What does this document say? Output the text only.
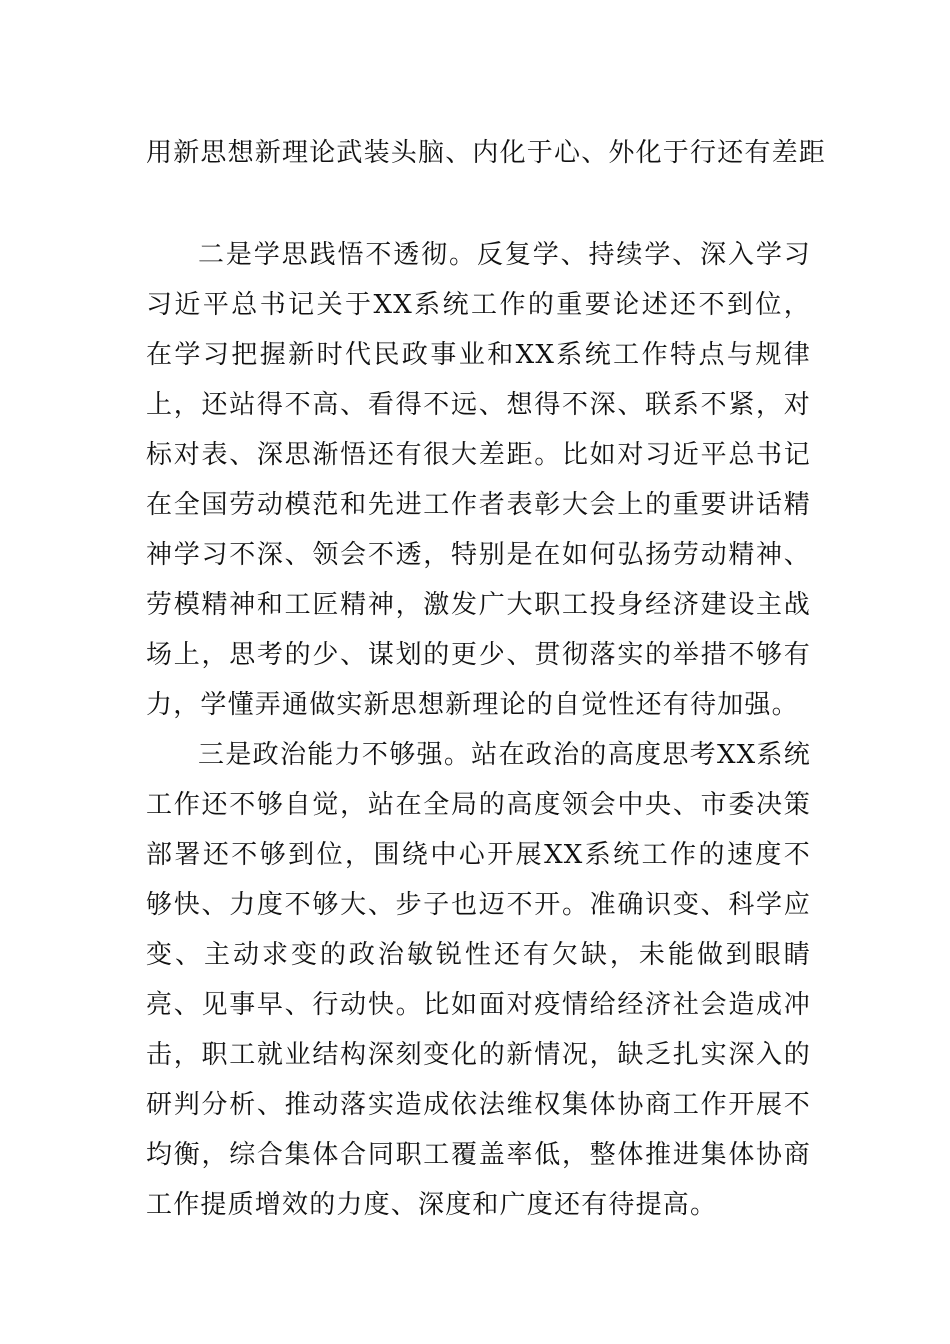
用新思想新理论武装头脑、内化于心、外化于行还有差距

二是学思践悟不透彻。反复学、持续学、深入学习习近平总书记关于XX系统工作的重要论述还不到位，在学习把握新时代民政事业和XX系统工作特点与规律上，还站得不高、看得不远、想得不深、联系不紧，对标对表、深思渐悟还有很大差距。比如对习近平总书记在全国劳动模范和先进工作者表彰大会上的重要讲话精神学习不深、领会不透，特别是在如何弘扬劳动精神、劳模精神和工匠精神，激发广大职工投身经济建设主战场上，思考的少、谋划的更少、贯彻落实的举措不够有力，学懂弄通做实新思想新理论的自觉性还有待加强。

三是政治能力不够强。站在政治的高度思考XX系统工作还不够自觉，站在全局的高度领会中央、市委决策部署还不够到位，围绕中心开展XX系统工作的速度不够快、力度不够大、步子也迈不开。准确识变、科学应变、主动求变的政治敏锐性还有欠缺，未能做到眼睛亮、见事早、行动快。比如面对疫情给经济社会造成冲击，职工就业结构深刻变化的新情况，缺乏扎实深入的研判分析、推动落实造成依法维权集体协商工作开展不均衡，综合集体合同职工覆盖率低，整体推进集体协商工作提质增效的力度、深度和广度还有待提高。
